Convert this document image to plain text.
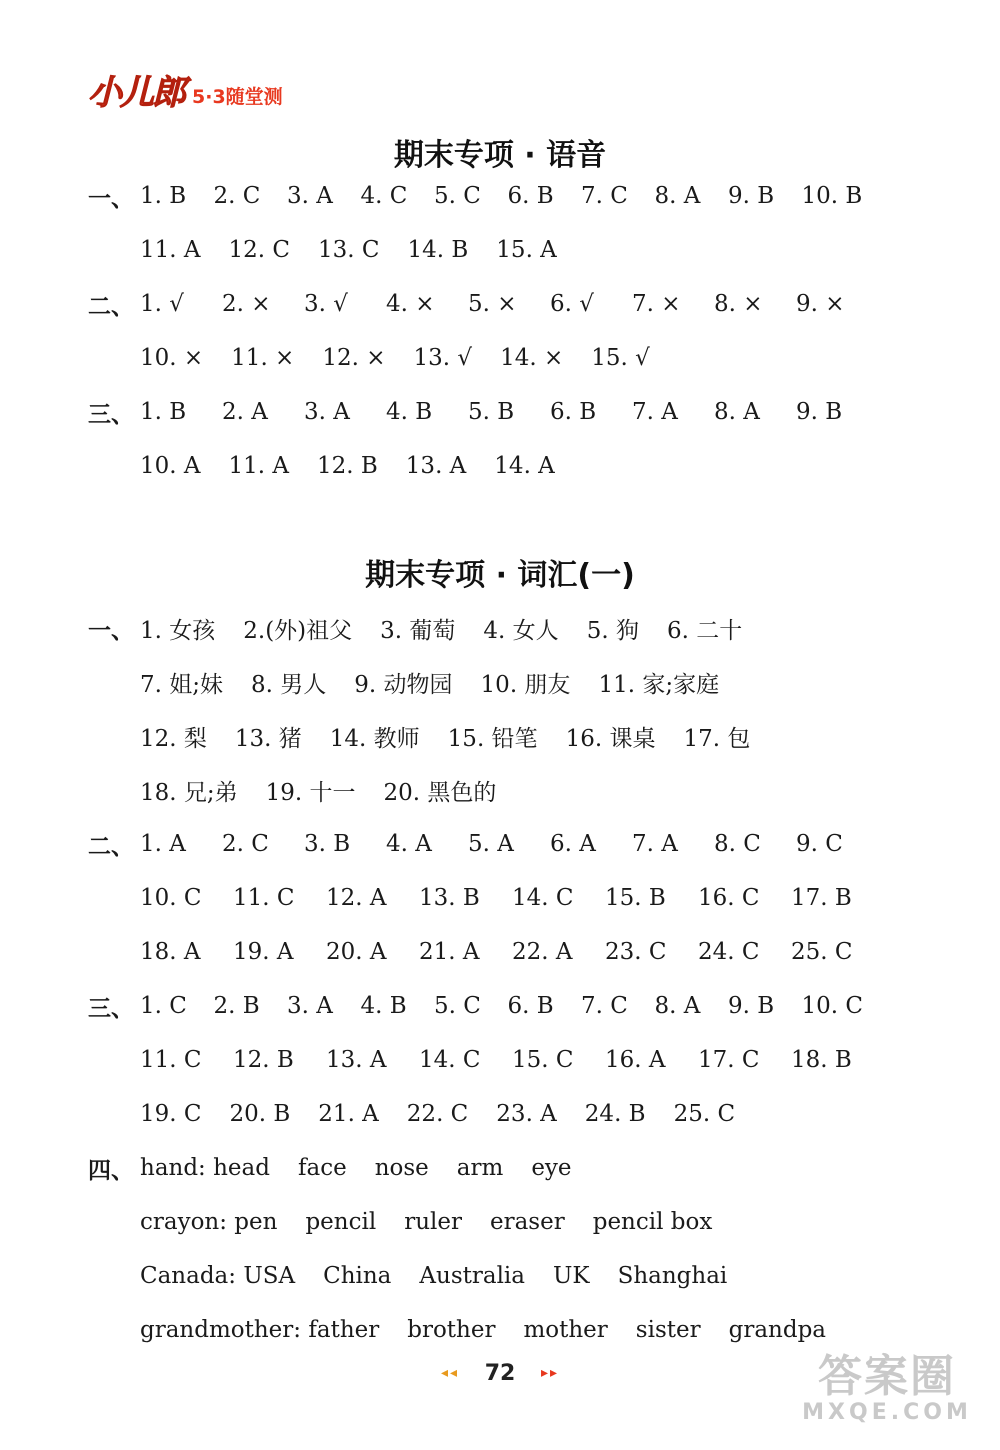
小儿郎 5·3随堂测
期末专项 · 语音
一、 1. B	2. C	3. A	4. C	5. C	6. B	7. C	8. A	9. B	10. B
11. A 12. C 13. C 14. B 15. A
二、 1. √	2. ×	3. √	4. ×	5. ×	6. √	7. ×	8. ×	9. ×
10. × 11. × 12. × 13. √ 14. × 15. √
三、 1. B	2. A	3. A	4. B	5. B	6. B	7. A	8. A	9. B
10. A 11. A 12. B 13. A 14. A
期末专项 · 词汇(一)
一、 1. 女孩 2.(外)祖父 3. 葡萄 4. 女人 5. 狗 6. 二十
7. 姐;妹 8. 男人 9. 动物园 10. 朋友 11. 家;家庭
12. 梨 13. 猪 14. 教师 15. 铅笔 16. 课桌 17. 包
18. 兄;弟 19. 十一 20. 黑色的
二、 1. A	2. C	3. B	4. A	5. A	6. A	7. A	8. C	9. C
10. C	11. C	12. A	13. B	14. C	15. B	16. C	17. B
18. A	19. A	20. A	21. A	22. A	23. C	24. C	25. C
三、 1. C	2. B	3. A	4. B	5. C	6. B	7. C	8. A	9. B	10. C
11. C	12. B	13. A	14. C	15. C	16. A	17. C	18. B
19. C 20. B 21. A 22. C 23. A 24. B 25. C
四、 hand: head face nose arm eye
crayon: pen pencil ruler eraser pencil box
Canada: USA China Australia UK Shanghai
grandmother: father brother mother sister grandpa
◂◂ 72 ▸▸	答案圈
MXQE.COM
